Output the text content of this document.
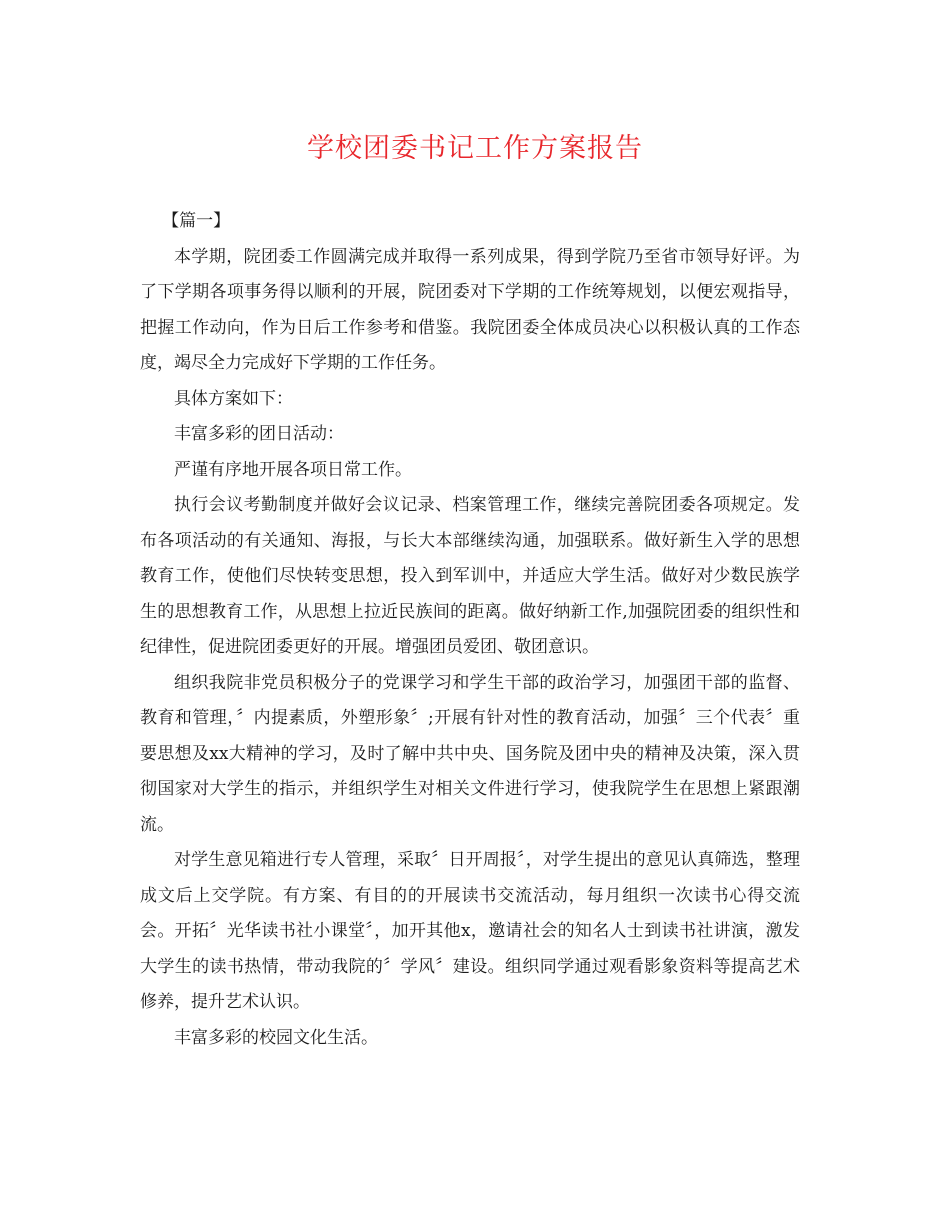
学校团委书记工作方案报告

【篇一】

本学期，院团委工作圆满完成并取得一系列成果，得到学院乃至省市领导好评。为了下学期各项事务得以顺利的开展，院团委对下学期的工作统筹规划，以便宏观指导，把握工作动向，作为日后工作参考和借鉴。我院团委全体成员决心以积极认真的工作态度，竭尽全力完成好下学期的工作任务。

具体方案如下：

丰富多彩的团日活动：

严谨有序地开展各项日常工作。

执行会议考勤制度并做好会议记录、档案管理工作，继续完善院团委各项规定。发布各项活动的有关通知、海报，与长大本部继续沟通，加强联系。做好新生入学的思想教育工作，使他们尽快转变思想，投入到军训中，并适应大学生活。做好对少数民族学生的思想教育工作，从思想上拉近民族间的距离。做好纳新工作,加强院团委的组织性和纪律性，促进院团委更好的开展。增强团员爱团、敬团意识。

组织我院非党员积极分子的党课学习和学生干部的政治学习，加强团干部的监督、教育和管理，〞内提素质，外塑形象〞;开展有针对性的教育活动，加强〞三个代表〞重要思想及xx大精神的学习，及时了解中共中央、国务院及团中央的精神及决策，深入贯彻国家对大学生的指示，并组织学生对相关文件进行学习，使我院学生在思想上紧跟潮流。

对学生意见箱进行专人管理，采取〞日开周报〞，对学生提出的意见认真筛选，整理成文后上交学院。有方案、有目的的开展读书交流活动，每月组织一次读书心得交流会。开拓〞光华读书社小课堂〞，加开其他x，邀请社会的知名人士到读书社讲演，激发大学生的读书热情，带动我院的〞学风〞建设。组织同学通过观看影象资料等提高艺术修养，提升艺术认识。

丰富多彩的校园文化生活。
